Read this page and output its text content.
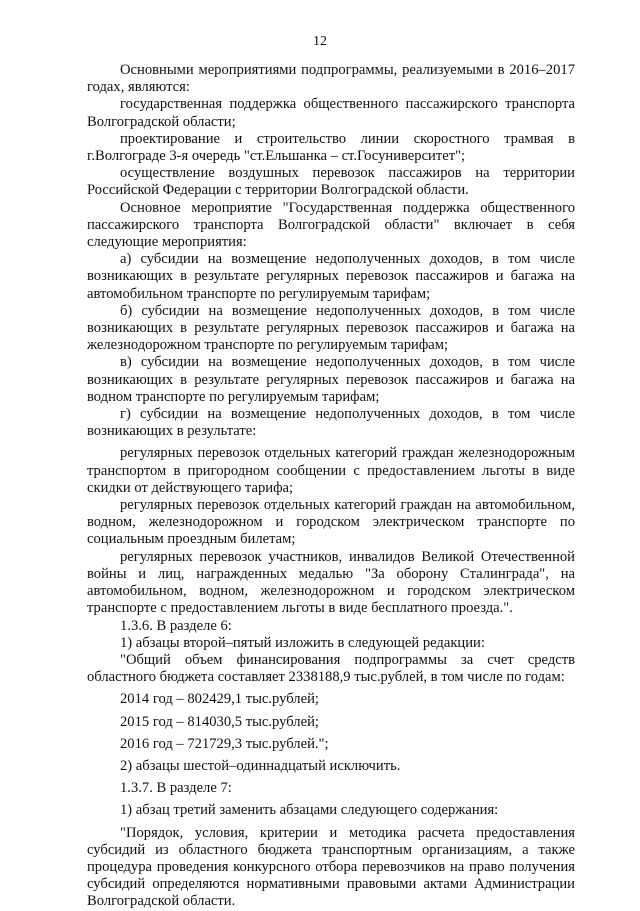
12

Основными мероприятиями подпрограммы, реализуемыми в 2016–2017 годах, являются:

государственная поддержка общественного пассажирского транспорта Волгоградской области;

проектирование и строительство линии скоростного трамвая в г.Волгограде 3-я очередь "ст.Ельшанка – ст.Госуниверситет";

осуществление воздушных перевозок пассажиров на территории Российской Федерации с территории Волгоградской области.

Основное мероприятие "Государственная поддержка общественного пассажирского транспорта Волгоградской области" включает в себя следующие мероприятия:

а) субсидии на возмещение недополученных доходов, в том числе возникающих в результате регулярных перевозок пассажиров и багажа на автомобильном транспорте по регулируемым тарифам;

б) субсидии на возмещение недополученных доходов, в том числе возникающих в результате регулярных перевозок пассажиров и багажа на железнодорожном транспорте по регулируемым тарифам;

в) субсидии на возмещение недополученных доходов, в том числе возникающих в результате регулярных перевозок пассажиров и багажа на водном транспорте по регулируемым тарифам;

г) субсидии на возмещение недополученных доходов, в том числе возникающих в результате:

регулярных перевозок отдельных категорий граждан железнодорожным транспортом в пригородном сообщении с предоставлением льготы в виде скидки от действующего тарифа;

регулярных перевозок отдельных категорий граждан на автомобильном, водном, железнодорожном и городском электрическом транспорте по социальным проездным билетам;

регулярных перевозок участников, инвалидов Великой Отечественной войны и лиц, награжденных медалью "За оборону Сталинграда", на автомобильном, водном, железнодорожном и городском электрическом транспорте с предоставлением льготы в виде бесплатного проезда.".

1.3.6. В разделе 6:

1) абзацы второй–пятый изложить в следующей редакции:

"Общий объем финансирования подпрограммы за счет средств областного бюджета составляет 2338188,9 тыс.рублей, в том числе по годам:

2014 год – 802429,1 тыс.рублей;

2015 год – 814030,5 тыс.рублей;

2016 год – 721729,3 тыс.рублей.";

2) абзацы шестой–одиннадцатый исключить.

1.3.7. В разделе 7:

1) абзац третий заменить абзацами следующего содержания:

"Порядок, условия, критерии и методика расчета предоставления субсидий из областного бюджета транспортным организациям, а также процедура проведения конкурсного отбора перевозчиков на право получения субсидий определяются нормативными правовыми актами Администрации Волгоградской области.
